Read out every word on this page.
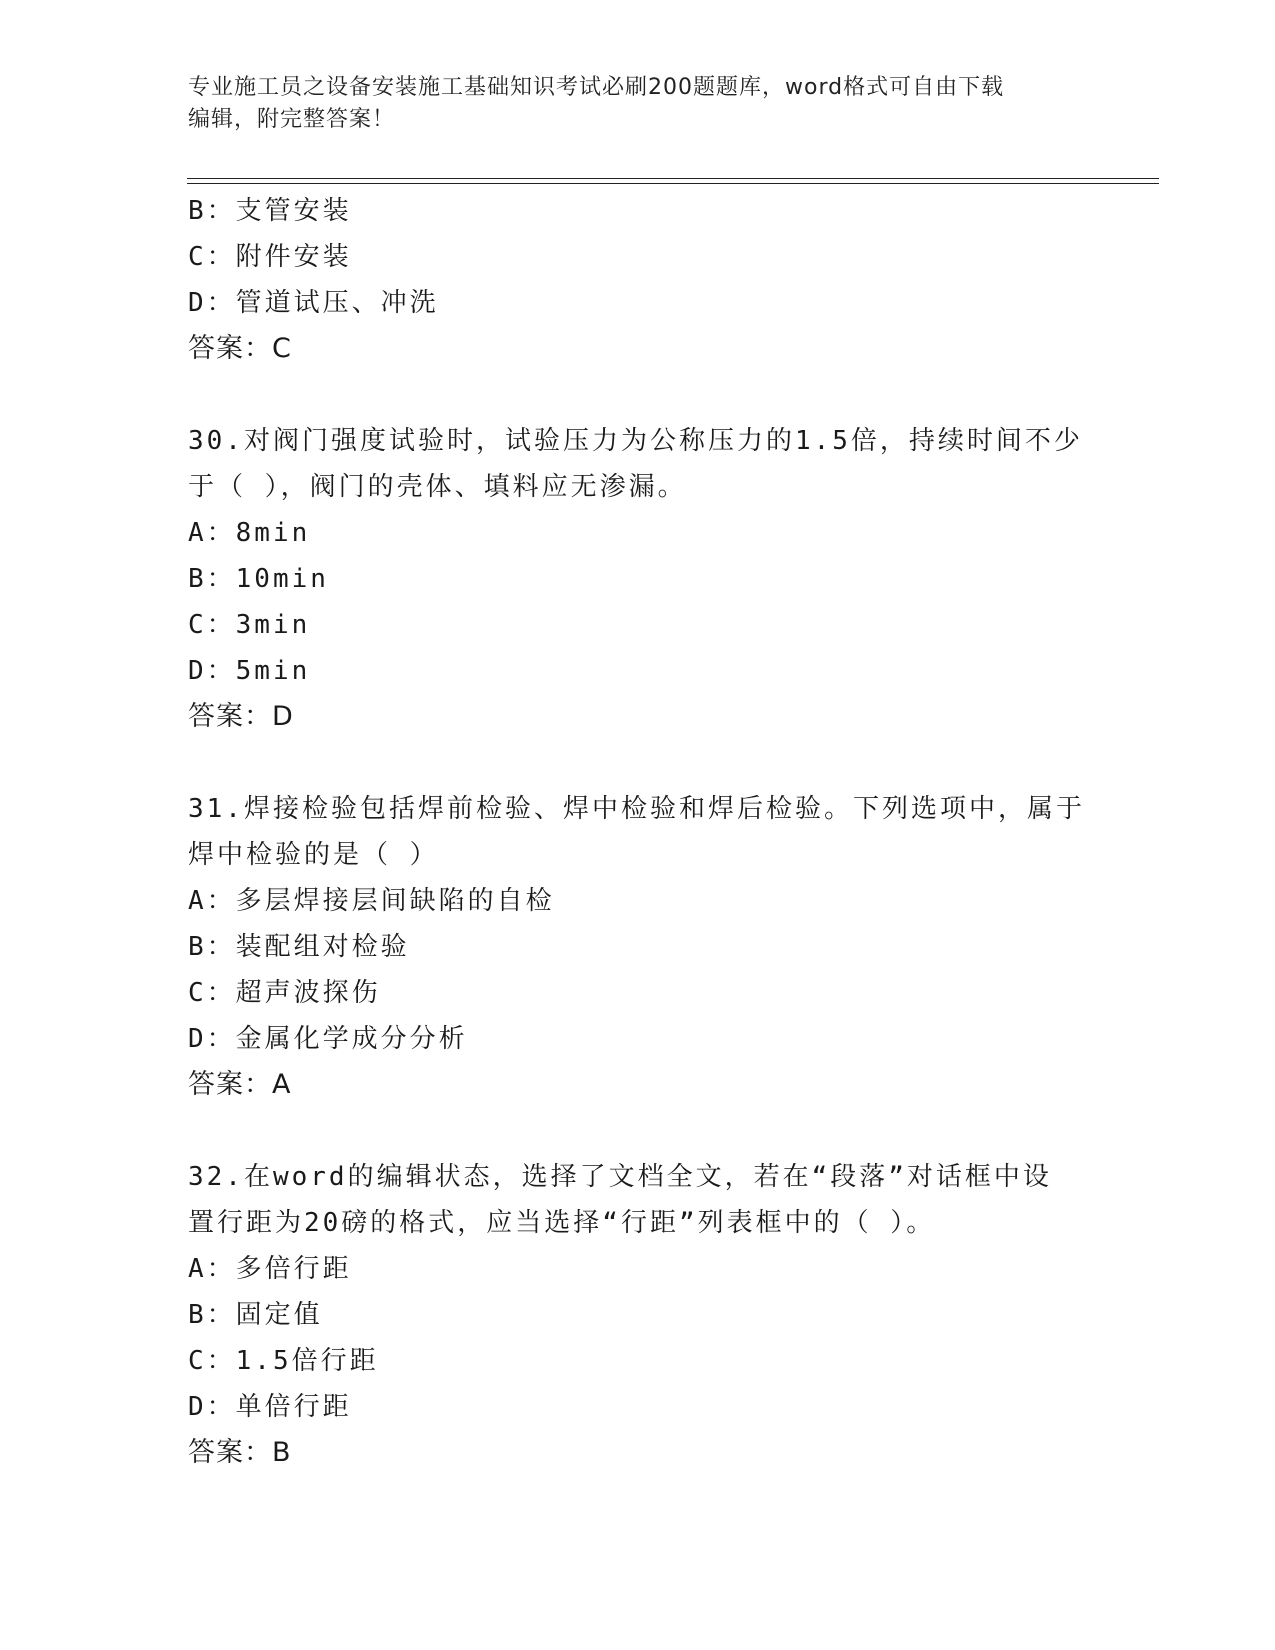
专业施工员之设备安装施工基础知识考试必刷200题题库，word格式可自由下载
编辑，附完整答案！
B：支管安装
C：附件安装
D：管道试压、冲洗
答案：C
30.对阀门强度试验时，试验压力为公称压力的1.5倍，持续时间不少
于（ ），阀门的壳体、填料应无渗漏。
A：8min
B：10min
C：3min
D：5min
答案：D
31.焊接检验包括焊前检验、焊中检验和焊后检验。下列选项中，属于
焊中检验的是（ ）
A：多层焊接层间缺陷的自检
B：装配组对检验
C：超声波探伤
D：金属化学成分分析
答案：A
32.在word的编辑状态，选择了文档全文，若在“段落”对话框中设
置行距为20磅的格式，应当选择“行距”列表框中的（ ）。
A：多倍行距
B：固定值
C：1.5倍行距
D：单倍行距
答案：B
